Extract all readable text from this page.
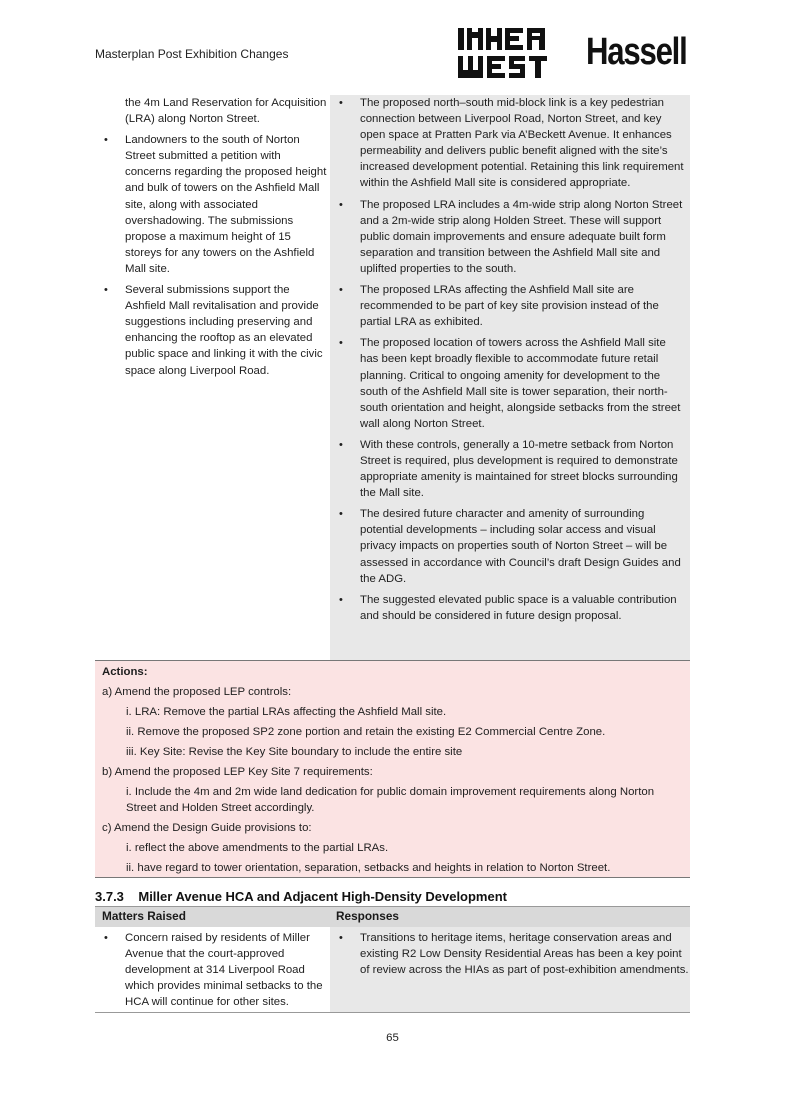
Masterplan Post Exhibition Changes	Hassell
the 4m Land Reservation for Acquisition (LRA) along Norton Street.
• Landowners to the south of Norton Street submitted a petition with concerns regarding the proposed height and bulk of towers on the Ashfield Mall site, along with associated overshadowing. The submissions propose a maximum height of 15 storeys for any towers on the Ashfield Mall site.
• Several submissions support the Ashfield Mall revitalisation and provide suggestions including preserving and enhancing the rooftop as an elevated public space and linking it with the civic space along Liverpool Road.
• The proposed north–south mid-block link is a key pedestrian connection between Liverpool Road, Norton Street, and key open space at Pratten Park via A’Beckett Avenue. It enhances permeability and delivers public benefit aligned with the site’s increased development potential. Retaining this link requirement within the Ashfield Mall site is considered appropriate.
• The proposed LRA includes a 4m-wide strip along Norton Street and a 2m-wide strip along Holden Street. These will support public domain improvements and ensure adequate built form separation and transition between the Ashfield Mall site and uplifted properties to the south.
• The proposed LRAs affecting the Ashfield Mall site are recommended to be part of key site provision instead of the partial LRA as exhibited.
• The proposed location of towers across the Ashfield Mall site has been kept broadly flexible to accommodate future retail planning. Critical to ongoing amenity for development to the south of the Ashfield Mall site is tower separation, their north-south orientation and height, alongside setbacks from the street wall along Norton Street.
• With these controls, generally a 10-metre setback from Norton Street is required, plus development is required to demonstrate appropriate amenity is maintained for street blocks surrounding the Mall site.
• The desired future character and amenity of surrounding potential developments – including solar access and visual privacy impacts on properties south of Norton Street – will be assessed in accordance with Council’s draft Design Guides and the ADG.
• The suggested elevated public space is a valuable contribution and should be considered in future design proposal.
Actions:
a) Amend the proposed LEP controls:
i. LRA: Remove the partial LRAs affecting the Ashfield Mall site.
ii. Remove the proposed SP2 zone portion and retain the existing E2 Commercial Centre Zone.
iii. Key Site: Revise the Key Site boundary to include the entire site
b) Amend the proposed LEP Key Site 7 requirements:
i. Include the 4m and 2m wide land dedication for public domain improvement requirements along Norton Street and Holden Street accordingly.
c) Amend the Design Guide provisions to:
i. reflect the above amendments to the partial LRAs.
ii. have regard to tower orientation, separation, setbacks and heights in relation to Norton Street.
3.7.3    Miller Avenue HCA and Adjacent High-Density Development
Matters Raised	Responses
• Concern raised by residents of Miller Avenue that the court-approved development at 314 Liverpool Road which provides minimal setbacks to the HCA will continue for other sites.
• Transitions to heritage items, heritage conservation areas and existing R2 Low Density Residential Areas has been a key point of review across the HIAs as part of post-exhibition amendments.
65
